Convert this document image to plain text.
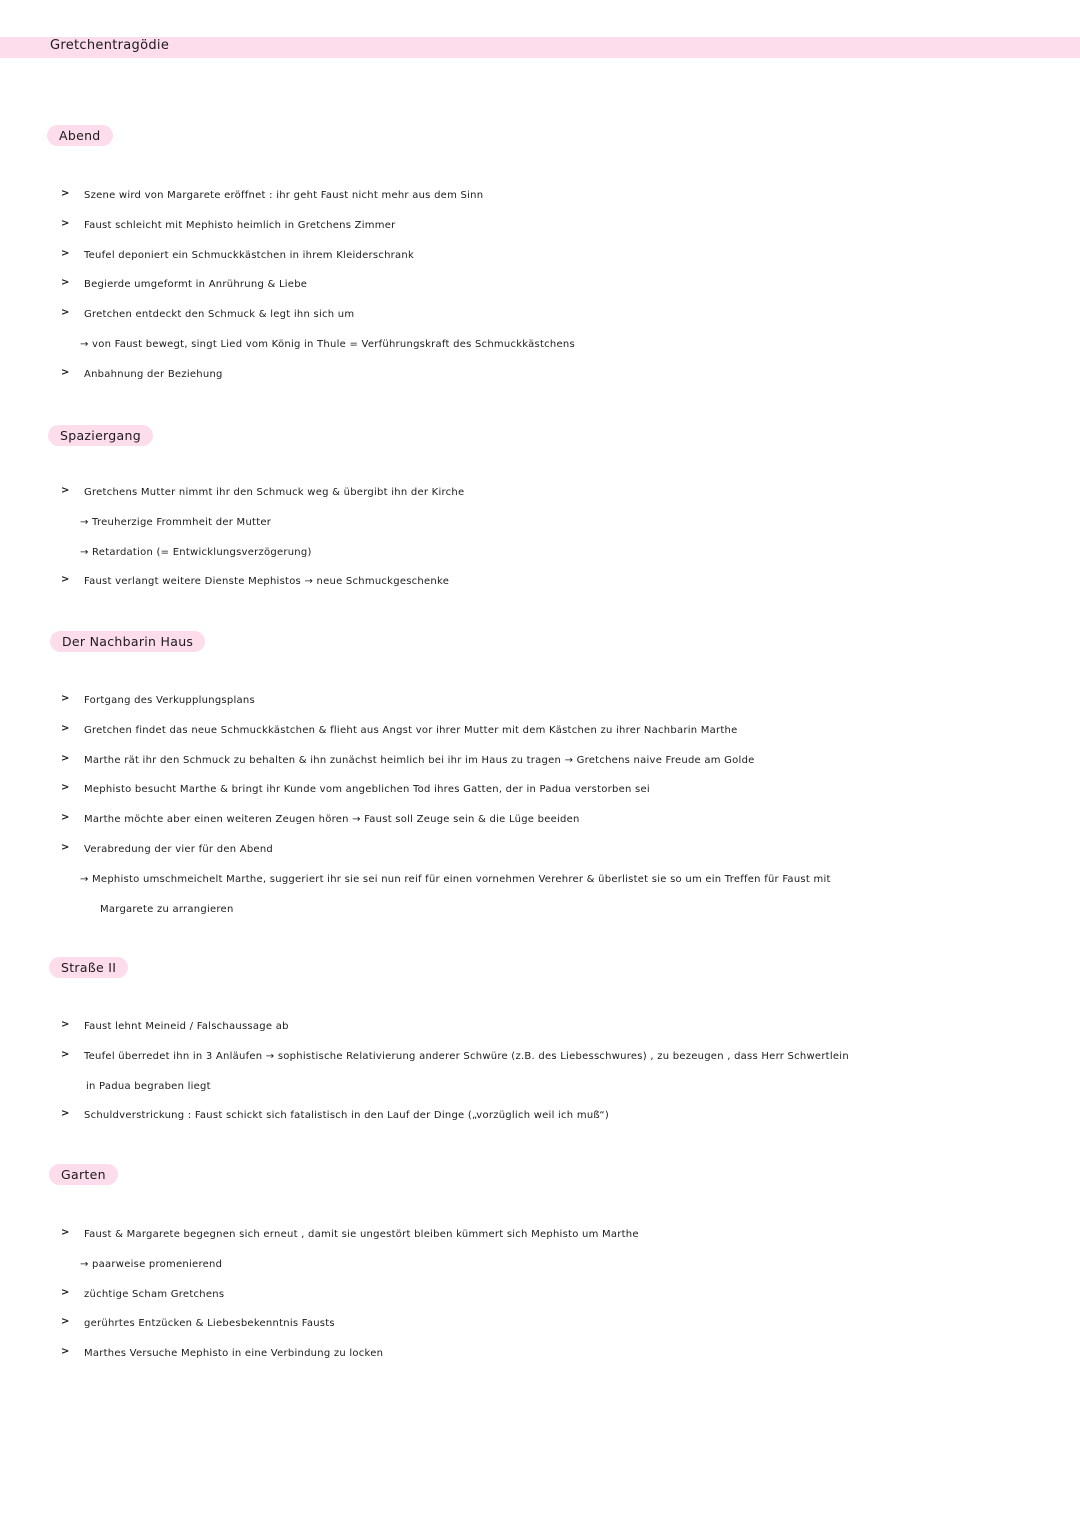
Gretchentragödie
Abend
> Szene wird von Margarete eröffnet : ihr geht Faust nicht mehr aus dem Sinn
> Faust schleicht mit Mephisto heimlich in Gretchens Zimmer
> Teufel deponiert ein Schmuckkästchen in ihrem Kleiderschrank
> Begierde umgeformt in Anrührung & Liebe
> Gretchen entdeckt den Schmuck & legt ihn sich um
→ von Faust bewegt, singt Lied vom König in Thule = Verführungskraft des Schmuckkästchens
> Anbahnung der Beziehung
Spaziergang
> Gretchens Mutter nimmt ihr den Schmuck weg & übergibt ihn der Kirche
→ Treuherzige Frommheit der Mutter
→ Retardation (= Entwicklungsverzögerung)
> Faust verlangt weitere Dienste Mephistos → neue Schmuckgeschenke
Der Nachbarin Haus
> Fortgang des Verkupplungsplans
> Gretchen findet das neue Schmuckkästchen & flieht aus Angst vor ihrer Mutter mit dem Kästchen zu ihrer Nachbarin Marthe
> Marthe rät ihr den Schmuck zu behalten & ihn zunächst heimlich bei ihr im Haus zu tragen → Gretchens naive Freude am Golde
> Mephisto besucht Marthe & bringt ihr Kunde vom angeblichen Tod ihres Gatten, der in Padua verstorben sei
> Marthe möchte aber einen weiteren Zeugen hören → Faust soll Zeuge sein & die Lüge beeiden
> Verabredung der vier für den Abend
→ Mephisto umschmeichelt Marthe, suggeriert ihr sie sei nun reif für einen vornehmen Verehrer & überlistet sie so um ein Treffen für Faust mit
Margarete zu arrangieren
Straße II
> Faust lehnt Meineid / Falschaussage ab
> Teufel überredet ihn in 3 Anläufen → sophistische Relativierung anderer Schwüre (z.B. des Liebesschwures) , zu bezeugen , dass Herr Schwertlein
in Padua begraben liegt
> Schuldverstrickung : Faust schickt sich fatalistisch in den Lauf der Dinge („vorzüglich weil ich muß“)
Garten
> Faust & Margarete begegnen sich erneut , damit sie ungestört bleiben kümmert sich Mephisto um Marthe
→ paarweise promenierend
> züchtige Scham Gretchens
> gerührtes Entzücken & Liebesbekenntnis Fausts
> Marthes Versuche Mephisto in eine Verbindung zu locken
